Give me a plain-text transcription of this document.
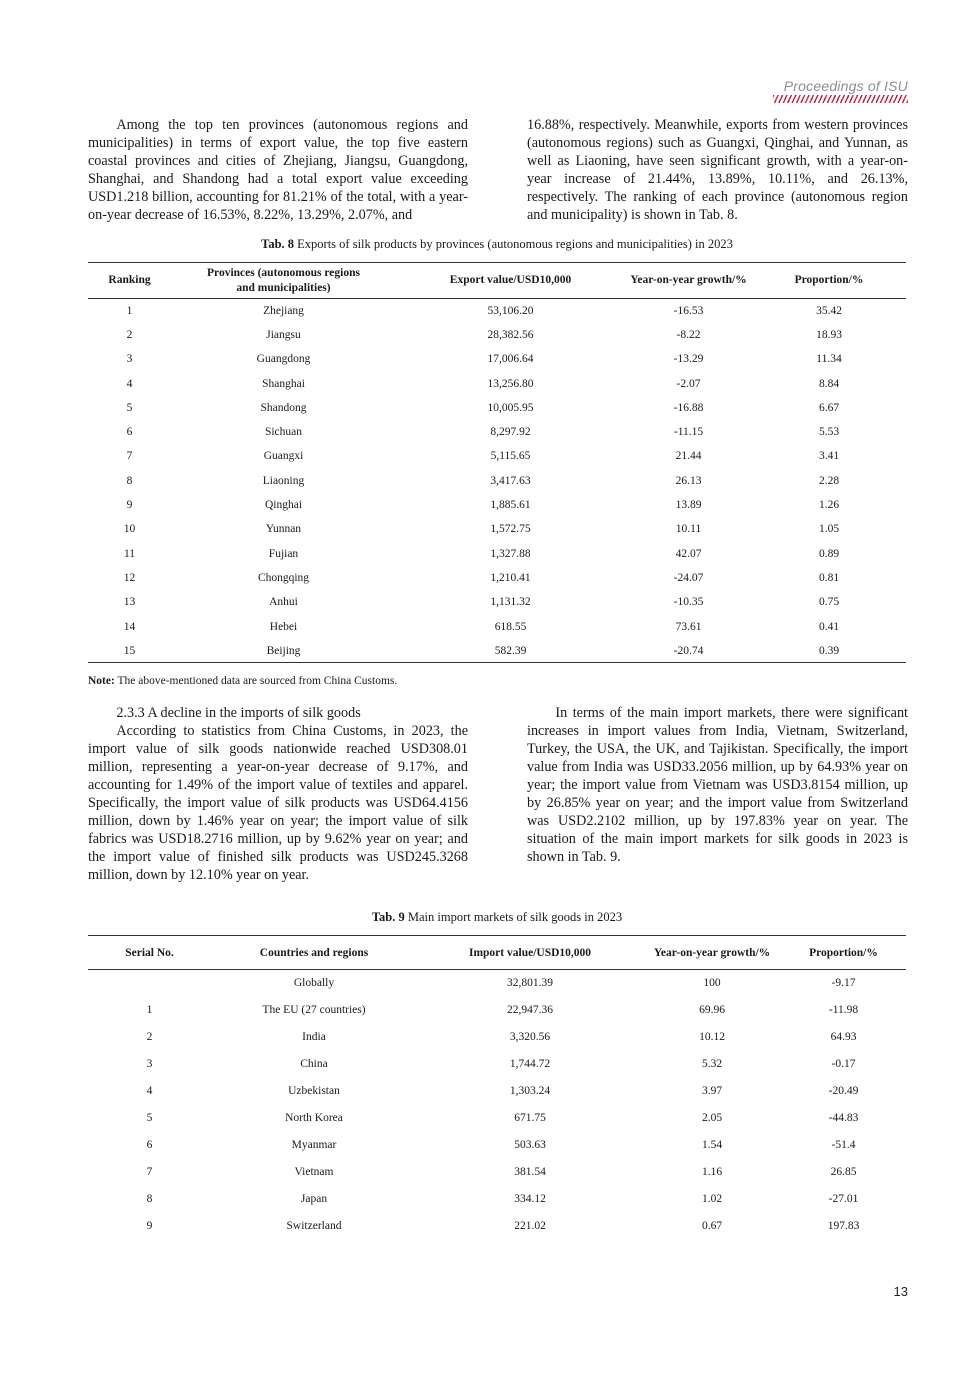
Proceedings of ISU

Among the top ten provinces (autonomous regions and municipalities) in terms of export value, the top five eastern coastal provinces and cities of Zhejiang, Jiangsu, Guangdong, Shanghai, and Shandong had a total export value exceeding USD1.218 billion, accounting for 81.21% of the total, with a year-on-year decrease of 16.53%, 8.22%, 13.29%, 2.07%, and

16.88%, respectively. Meanwhile, exports from western provinces (autonomous regions) such as Guangxi, Qinghai, and Yunnan, as well as Liaoning, have seen significant growth, with a year-on-year increase of 21.44%, 13.89%, 10.11%, and 26.13%, respectively. The ranking of each province (autonomous region and municipality) is shown in Tab. 8.

Tab. 8 Exports of silk products by provinces (autonomous regions and municipalities) in 2023
Ranking	Provinces (autonomous regions and municipalities)	Export value/USD10,000	Year-on-year growth/%	Proportion/%
1	Zhejiang	53,106.20	-16.53	35.42
2	Jiangsu	28,382.56	-8.22	18.93
3	Guangdong	17,006.64	-13.29	11.34
4	Shanghai	13,256.80	-2.07	8.84
5	Shandong	10,005.95	-16.88	6.67
6	Sichuan	8,297.92	-11.15	5.53
7	Guangxi	5,115.65	21.44	3.41
8	Liaoning	3,417.63	26.13	2.28
9	Qinghai	1,885.61	13.89	1.26
10	Yunnan	1,572.75	10.11	1.05
11	Fujian	1,327.88	42.07	0.89
12	Chongqing	1,210.41	-24.07	0.81
13	Anhui	1,131.32	-10.35	0.75
14	Hebei	618.55	73.61	0.41
15	Beijing	582.39	-20.74	0.39
Note: The above-mentioned data are sourced from China Customs.

2.3.3 A decline in the imports of silk goods

According to statistics from China Customs, in 2023, the import value of silk goods nationwide reached USD308.01 million, representing a year-on-year decrease of 9.17%, and accounting for 1.49% of the import value of textiles and apparel. Specifically, the import value of silk products was USD64.4156 million, down by 1.46% year on year; the import value of silk fabrics was USD18.2716 million, up by 9.62% year on year; and the import value of finished silk products was USD245.3268 million, down by 12.10% year on year.

In terms of the main import markets, there were significant increases in import values from India, Vietnam, Switzerland, Turkey, the USA, the UK, and Tajikistan. Specifically, the import value from India was USD33.2056 million, up by 64.93% year on year; the import value from Vietnam was USD3.8154 million, up by 26.85% year on year; and the import value from Switzerland was USD2.2102 million, up by 197.83% year on year. The situation of the main import markets for silk goods in 2023 is shown in Tab. 9.

Tab. 9 Main import markets of silk goods in 2023
Serial No.	Countries and regions	Import value/USD10,000	Year-on-year growth/%	Proportion/%
	Globally	32,801.39	100	-9.17
1	The EU (27 countries)	22,947.36	69.96	-11.98
2	India	3,320.56	10.12	64.93
3	China	1,744.72	5.32	-0.17
4	Uzbekistan	1,303.24	3.97	-20.49
5	North Korea	671.75	2.05	-44.83
6	Myanmar	503.63	1.54	-51.4
7	Vietnam	381.54	1.16	26.85
8	Japan	334.12	1.02	-27.01
9	Switzerland	221.02	0.67	197.83
13
